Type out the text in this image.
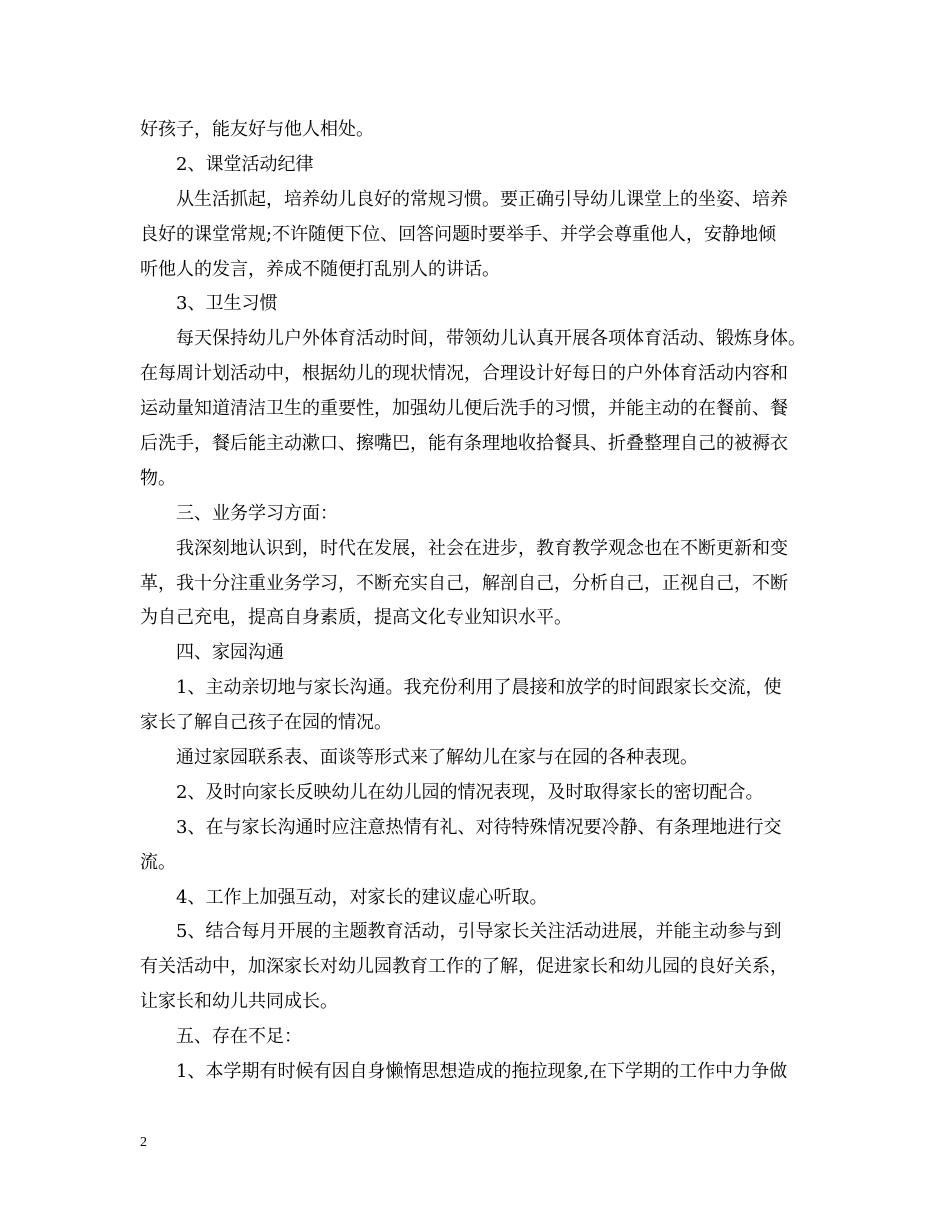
好孩子，能友好与他人相处。

2、课堂活动纪律

从生活抓起，培养幼儿良好的常规习惯。要正确引导幼儿课堂上的坐姿、培养

良好的课堂常规;不许随便下位、回答问题时要举手、并学会尊重他人，安静地倾

听他人的发言，养成不随便打乱别人的讲话。

3、卫生习惯

每天保持幼儿户外体育活动时间，带领幼儿认真开展各项体育活动、锻炼身体。

在每周计划活动中，根据幼儿的现状情况，合理设计好每日的户外体育活动内容和

运动量知道清洁卫生的重要性，加强幼儿便后洗手的习惯，并能主动的在餐前、餐

后洗手，餐后能主动漱口、擦嘴巴，能有条理地收拾餐具、折叠整理自己的被褥衣

物。

三、业务学习方面：

我深刻地认识到，时代在发展，社会在进步，教育教学观念也在不断更新和变

革，我十分注重业务学习，不断充实自己，解剖自己，分析自己，正视自己，不断

为自己充电，提高自身素质，提高文化专业知识水平。

四、家园沟通

1、主动亲切地与家长沟通。我充份利用了晨接和放学的时间跟家长交流，使

家长了解自己孩子在园的情况。

通过家园联系表、面谈等形式来了解幼儿在家与在园的各种表现。

2、及时向家长反映幼儿在幼儿园的情况表现，及时取得家长的密切配合。

3、在与家长沟通时应注意热情有礼、对待特殊情况要冷静、有条理地进行交

流。

4、工作上加强互动，对家长的建议虚心听取。

5、结合每月开展的主题教育活动，引导家长关注活动进展，并能主动参与到

有关活动中，加深家长对幼儿园教育工作的了解，促进家长和幼儿园的良好关系，

让家长和幼儿共同成长。

五、存在不足：

1、本学期有时候有因自身懒惰思想造成的拖拉现象,在下学期的工作中力争做

2
